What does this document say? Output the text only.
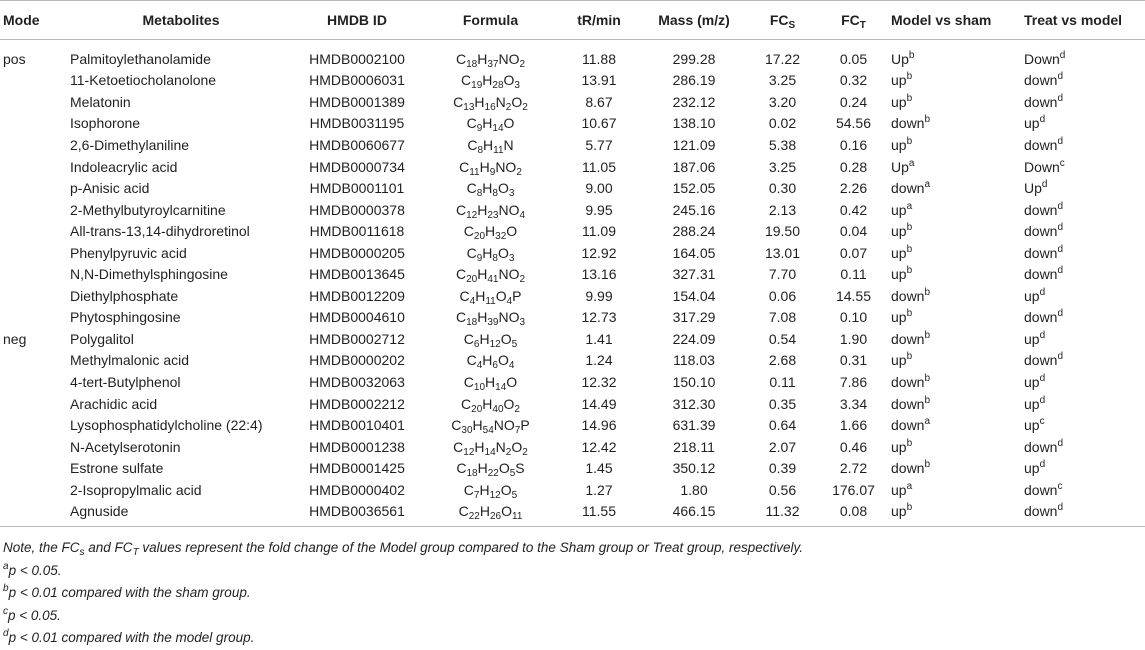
Mode	Metabolites	HMDB ID	Formula	tR/min	Mass (m/z)	$FC_S$	$FC_T$	Model vs sham	Treat vs model
pos	Palmitoylethanolamide	HMDB0002100	$C_{18}H_{37}NO_2$	11.88	299.28	17.22	0.05	Up$^b$	Down$^d$
	11-Ketoetiocholanolone	HMDB0006031	$C_{19}H_{28}O_3$	13.91	286.19	3.25	0.32	$up^b$	down$^d$
	Melatonin	HMDB0001389	$C_{13}H_{16}N_2O_2$	8.67	232.12	3.20	0.24	$up^b$	down$^d$
	Isophorone	HMDB0031195	$C_9H_{14}O$	10.67	138.10	0.02	54.56	down$^b$	$up^d$
	2,6-Dimethylaniline	HMDB0060677	$C_8H_{11}N$	5.77	121.09	5.38	0.16	$up^b$	down$^d$
	Indoleacrylic acid	HMDB0000734	$C_{11}H_9NO_2$	11.05	187.06	3.25	0.28	Up$^a$	Down$^c$
	p-Anisic acid	HMDB0001101	$C_8H_8O_3$	9.00	152.05	0.30	2.26	down$^a$	Up$^d$
	2-Methylbutyroylcarnitine	HMDB0000378	$C_{12}H_{23}NO_4$	9.95	245.16	2.13	0.42	$up^a$	down$^d$
	All-trans-13,14-dihydroretinol	HMDB0011618	$C_{20}H_{32}O$	11.09	288.24	19.50	0.04	$up^b$	down$^d$
	Phenylpyruvic acid	HMDB0000205	$C_9H_8O_3$	12.92	164.05	13.01	0.07	$up^b$	down$^d$
	N,N-Dimethylsphingosine	HMDB0013645	$C_{20}H_{41}NO_2$	13.16	327.31	7.70	0.11	$up^b$	down$^d$
	Diethylphosphate	HMDB0012209	$C_4H_{11}O_4P$	9.99	154.04	0.06	14.55	down$^b$	$up^d$
	Phytosphingosine	HMDB0004610	$C_{18}H_{39}NO_3$	12.73	317.29	7.08	0.10	$up^b$	down$^d$
neg	Polygalitol	HMDB0002712	$C_6H_{12}O_5$	1.41	224.09	0.54	1.90	down$^b$	$up^d$
	Methylmalonic acid	HMDB0000202	$C_4H_6O_4$	1.24	118.03	2.68	0.31	$up^b$	down$^d$
	4-tert-Butylphenol	HMDB0032063	$C_{10}H_{14}O$	12.32	150.10	0.11	7.86	down$^b$	$up^d$
	Arachidic acid	HMDB0002212	$C_{20}H_{40}O_2$	14.49	312.30	0.35	3.34	down$^b$	$up^d$
	Lysophosphatidylcholine (22:4)	HMDB0010401	$C_{30}H_{54}NO_7P$	14.96	631.39	0.64	1.66	down$^a$	$up^c$
	N-Acetylserotonin	HMDB0001238	$C_{12}H_{14}N_2O_2$	12.42	218.11	2.07	0.46	$up^b$	down$^d$
	Estrone sulfate	HMDB0001425	$C_{18}H_{22}O_5S$	1.45	350.12	0.39	2.72	down$^b$	$up^d$
	2-Isopropylmalic acid	HMDB0000402	$C_7H_{12}O_5$	1.27	1.80	0.56	176.07	$up^a$	down$^c$
	Agnuside	HMDB0036561	$C_{22}H_{26}O_{11}$	11.55	466.15	11.32	0.08	$up^b$	down$^d$
Note, the $FC_s$ and $FC_T$ values represent the fold change of the Model group compared to the Sham group or Treat group, respectively.
$^a$p < 0.05.
$^b$p < 0.01 compared with the sham group.
$^c$p < 0.05.
$^d$p < 0.01 compared with the model group.
